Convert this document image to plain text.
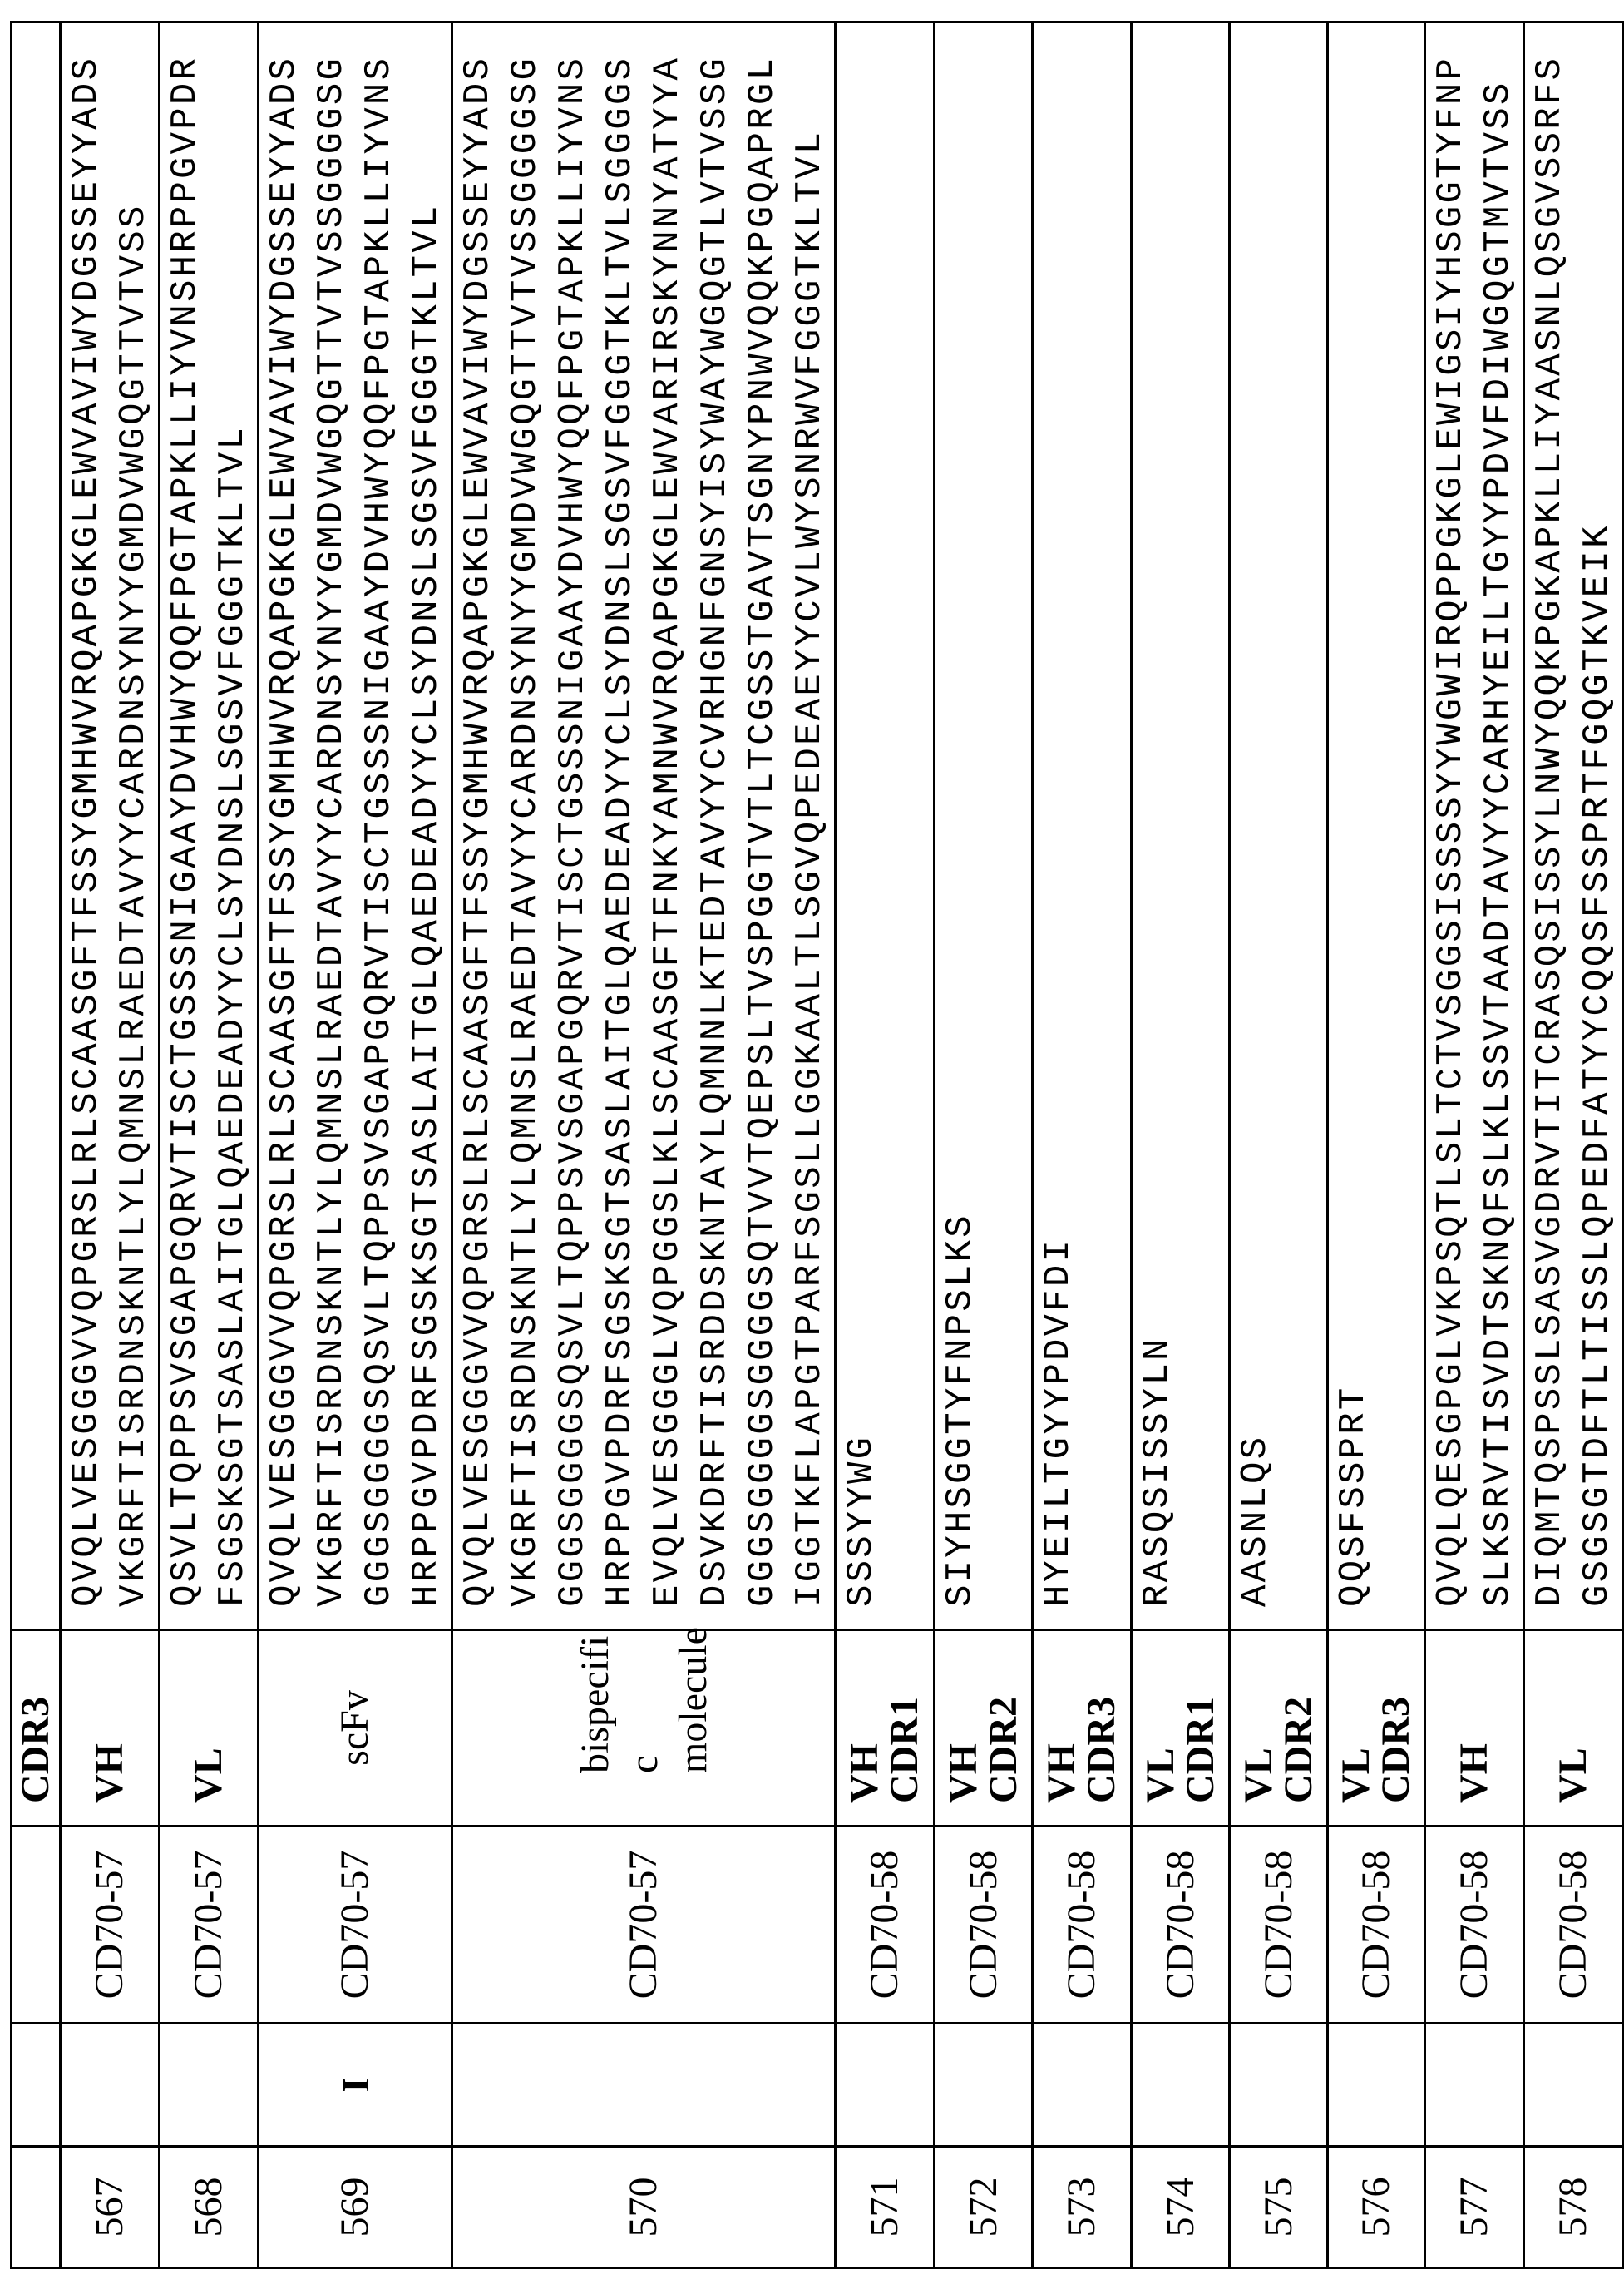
			CDR3	
567		CD70-57	VH	QVQLVESGGGVVQPGRSLRLSCAASGFTFSSYGMHWVRQAPGKGLEWVAVIWYDGSSEYYADS VKGRFTISRDNSKNTLYLQMNSLRAEDTAVYYCARDNSYNYYGMDVWGQGTTVTVSS

568		CD70-57	VL	QSVLTQPPSVSGAPGQRVTISCTGSSSNIGAAYDVHWYQQFPGTAPKLLIYVNSHRPPGVPDR FSGSKSGTSASLAITGLQAEDEADYYCLSYDNSLSGSVFGGGTKLTVL

569	I	CD70-57	scFv	QVQLVESGGGVVQPGRSLRLSCAASGFTFSSYGMHWVRQAPGKGLEWVAVIWYDGSSEYYADS VKGRFTISRDNSKNTLYLQMNSLRAEDTAVYYCARDNSYNYYGMDVWGQGTTVTVSSGGGGSG GGGSGGGGSQSVLTQPPSVSGAPGQRVTISCTGSSSNIGAAYDVHWYQQFPGTAPKLLIYVNS HRPPGVPDRFSGSKSGTSASLAITGLQAEDEADYYCLSYDNSLSGSVFGGGTKLTVL

570		CD70-57	bispecifi
c
molecule	
QVQLVESGGGVVQPGRSLRLSCAASGFTFSSYGMHWVRQAPGKGLEWVAVIWYDGSSEYYADS VKGRFTISRDNSKNTLYLQMNSLRAEDTAVYYCARDNSYNYYGMDVWGQGTTVTVSSGGGGSG GGGSGGGGSQSVLTQPPSVSGAPGQRVTISCTGSSSNIGAAYDVHWYQQFPGTAPKLLIYVNS HRPPGVPDRFSGSKSGTSASLAITGLQAEDEADYYCLSYDNSLSGSVFGGGTKLTVLSGGGGS EVQLVESGGGLVQPGGSLKLSCAASGFTFNKYAMNWVRQAPGKGLEWVARIRSKYNNYATYYA DSVKDRFTISRDDSKNTAYLQMNNLKTEDTAVYYCVRHGNFGNSYISYWAYWGQGTLVTVSSG GGGSGGGGSGGGGSQTVVTQEPSLTVSPGGTVTLTCGSSTGAVTSGNYPNWVQQKPGQAPRGL IGGTKFLAPGTPARFSGSLLGGKAALTLSGVQPEDEAEYYCVLWYSNRWVFGGGTKLTVL

571		CD70-58	VH
CDR1	SSSYYWG

572		CD70-58	VH
CDR2	SIYHSGGTYFNPSLKS

573		CD70-58	VH
CDR3	HYEILTGYYPDVFDI

574		CD70-58	VL
CDR1	RASQSISSYLN

575		CD70-58	VL
CDR2	AASNLQS

576		CD70-58	VL
CDR3	QQSFSSPRT

577		CD70-58	VH	QVQLQESGPGLVKPSQTLSLTCTVSGGSISSSSYYWGWIRQPPGKGLEWIGSIYHSGGTYFNP SLKSRVTISVDTSKNQFSLKLSSVTAADTAVYYCARHYEILTGYYPDVFDIWGQGTMVTVSS

578		CD70-58	VL	DIQMTQSPSSLSASVGDRVTITCRASQSISSYLNWYQQKPGKAPKLLIYAASNLQSGVSSRFS GSGSGTDFTLTISSLQPEDFATYYCQQSFSSPRTFGQGTKVEIK
